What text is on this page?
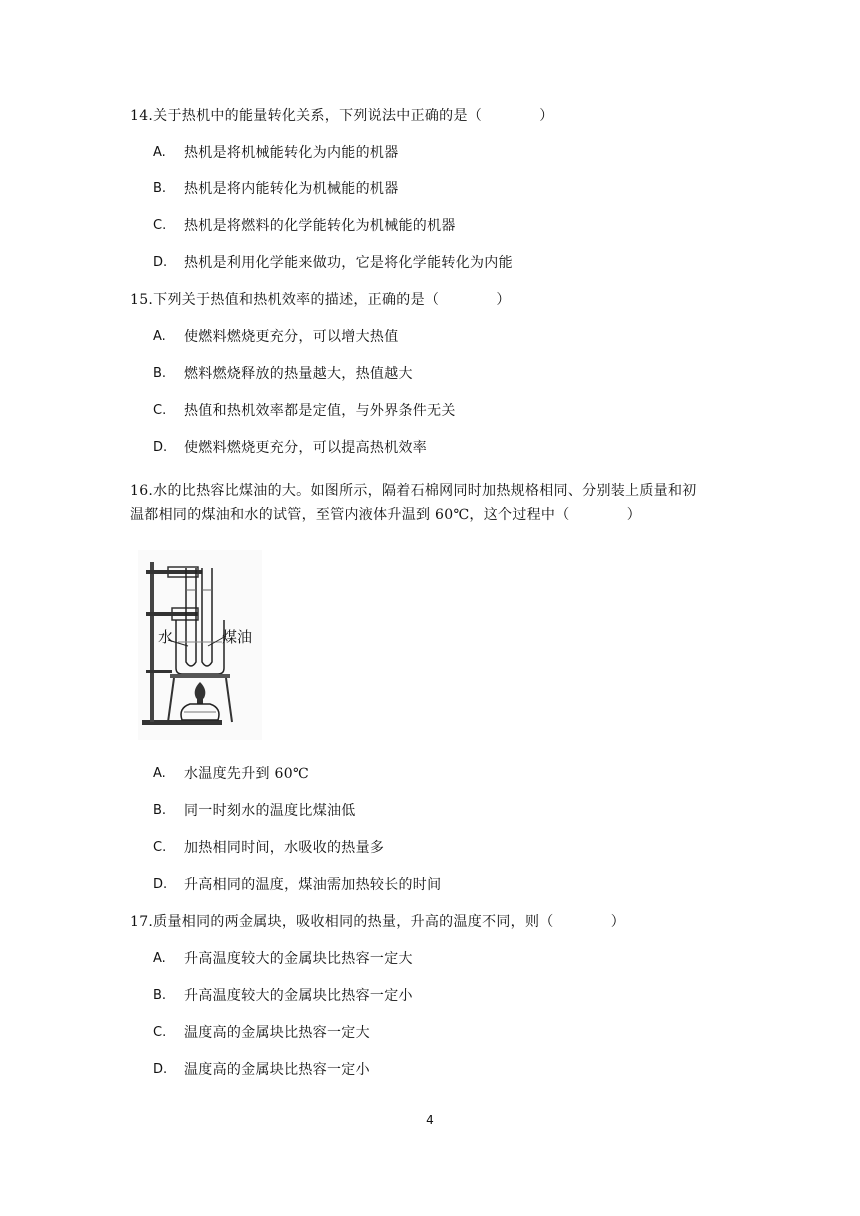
14.关于热机中的能量转化关系，下列说法中正确的是（　　　　）
A. 热机是将机械能转化为内能的机器
B. 热机是将内能转化为机械能的机器
C. 热机是将燃料的化学能转化为机械能的机器
D. 热机是利用化学能来做功，它是将化学能转化为内能
15.下列关于热值和热机效率的描述，正确的是（　　　　）
A. 使燃料燃烧更充分，可以增大热值
B. 燃料燃烧释放的热量越大，热值越大
C. 热值和热机效率都是定值，与外界条件无关
D. 使燃料燃烧更充分，可以提高热机效率
16.水的比热容比煤油的大。如图所示，隔着石棉网同时加热规格相同、分别装上质量和初
温都相同的煤油和水的试管，至管内液体升温到 60℃，这个过程中（　　　　）
水	煤油
A. 水温度先升到 60℃
B. 同一时刻水的温度比煤油低
C. 加热相同时间，水吸收的热量多
D. 升高相同的温度，煤油需加热较长的时间
17.质量相同的两金属块，吸收相同的热量，升高的温度不同，则（　　　　）
A. 升高温度较大的金属块比热容一定大
B. 升高温度较大的金属块比热容一定小
C. 温度高的金属块比热容一定大
D. 温度高的金属块比热容一定小
4
